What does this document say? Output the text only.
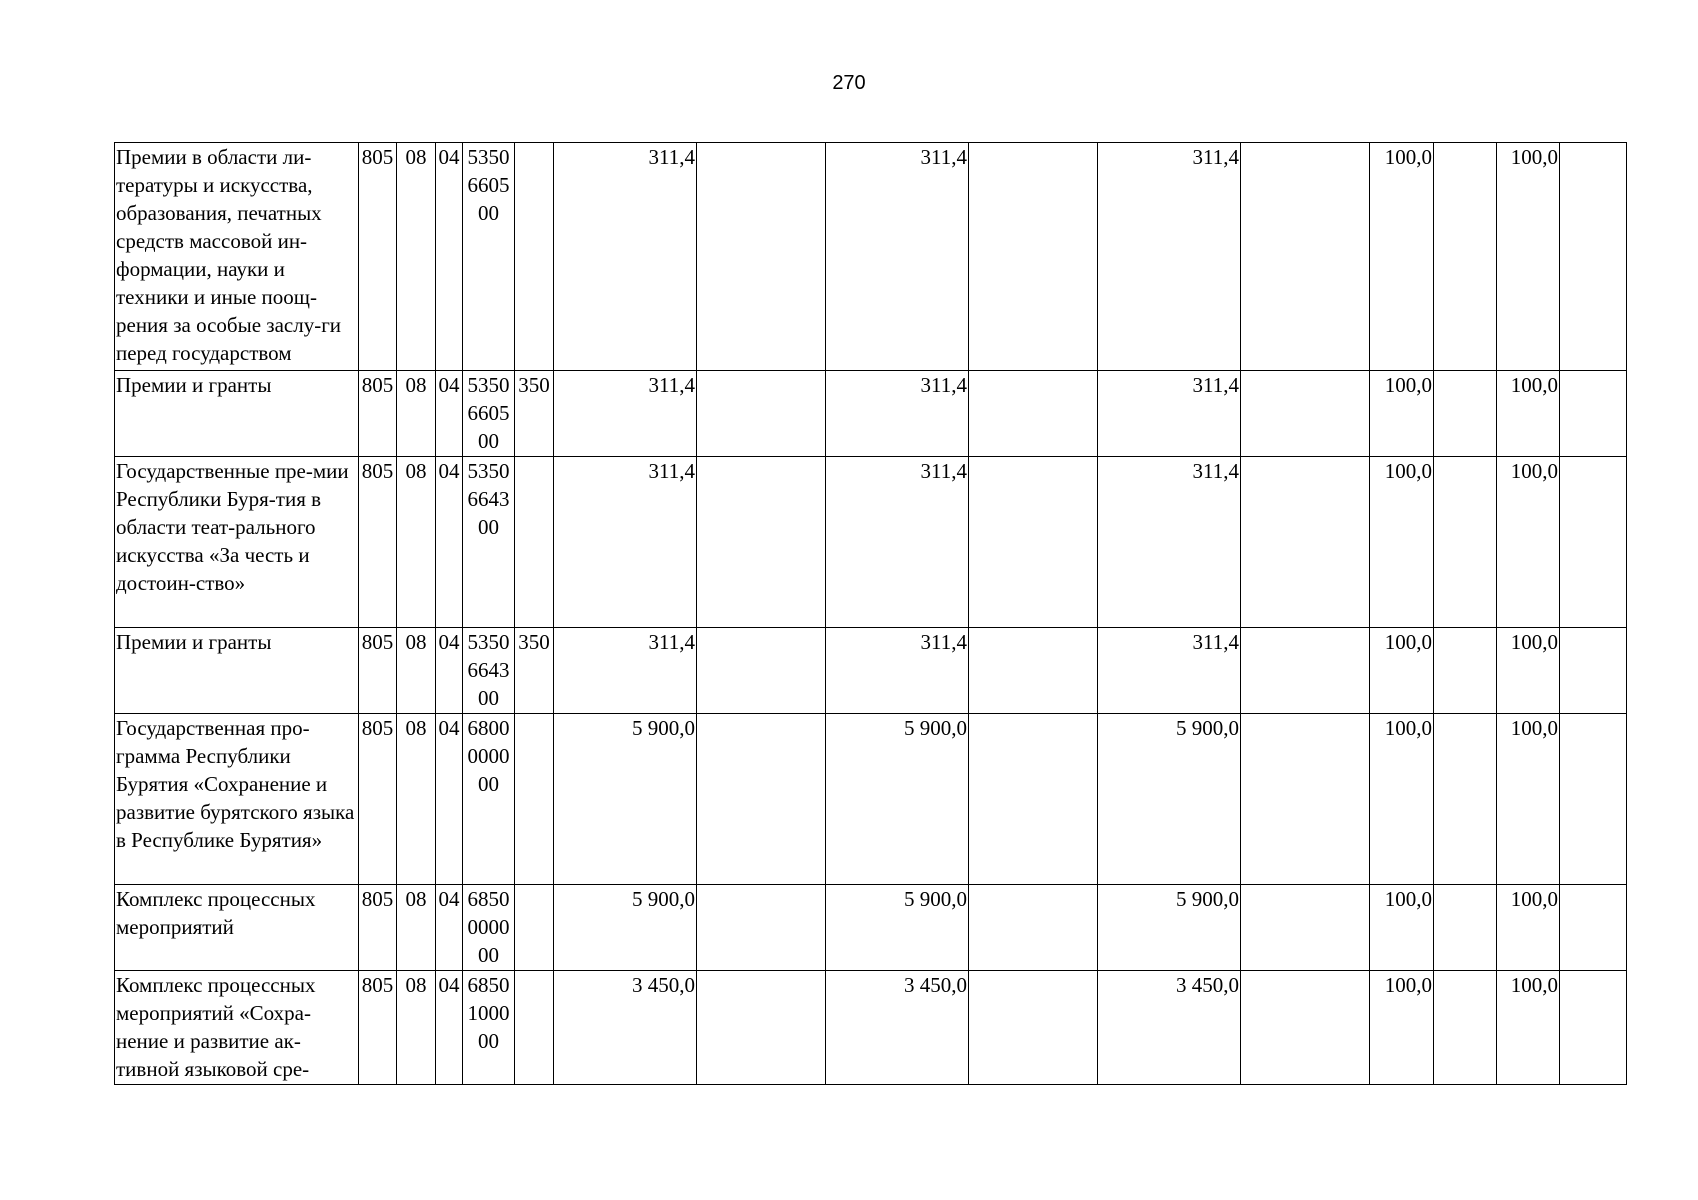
270
Премии в области ли-тературы и искусства, образования, печатных средств массовой ин-формации, науки и техники и иные поощ-рения за особые заслу-ги перед государством	805	08	04	5350
6605
00		311,4		311,4		311,4		100,0		100,0	
Премии и гранты	805	08	04	5350
6605
00	350	311,4		311,4		311,4		100,0		100,0	
Государственные пре-мии Республики Буря-тия в области теат-рального искусства «За честь и достоин-ство»	805	08	04	5350
6643
00		311,4		311,4		311,4		100,0		100,0	
Премии и гранты	805	08	04	5350
6643
00	350	311,4		311,4		311,4		100,0		100,0	
Государственная про-грамма Республики Бурятия «Сохранение и развитие бурятского языка в Республике Бурятия»	805	08	04	6800
0000
00		5 900,0		5 900,0		5 900,0		100,0		100,0	
Комплекс процессных мероприятий	805	08	04	6850
0000
00		5 900,0		5 900,0		5 900,0		100,0		100,0	
Комплекс процессных мероприятий «Сохра-нение и развитие ак-тивной языковой сре-	805	08	04	6850
1000
00		3 450,0		3 450,0		3 450,0		100,0		100,0	
